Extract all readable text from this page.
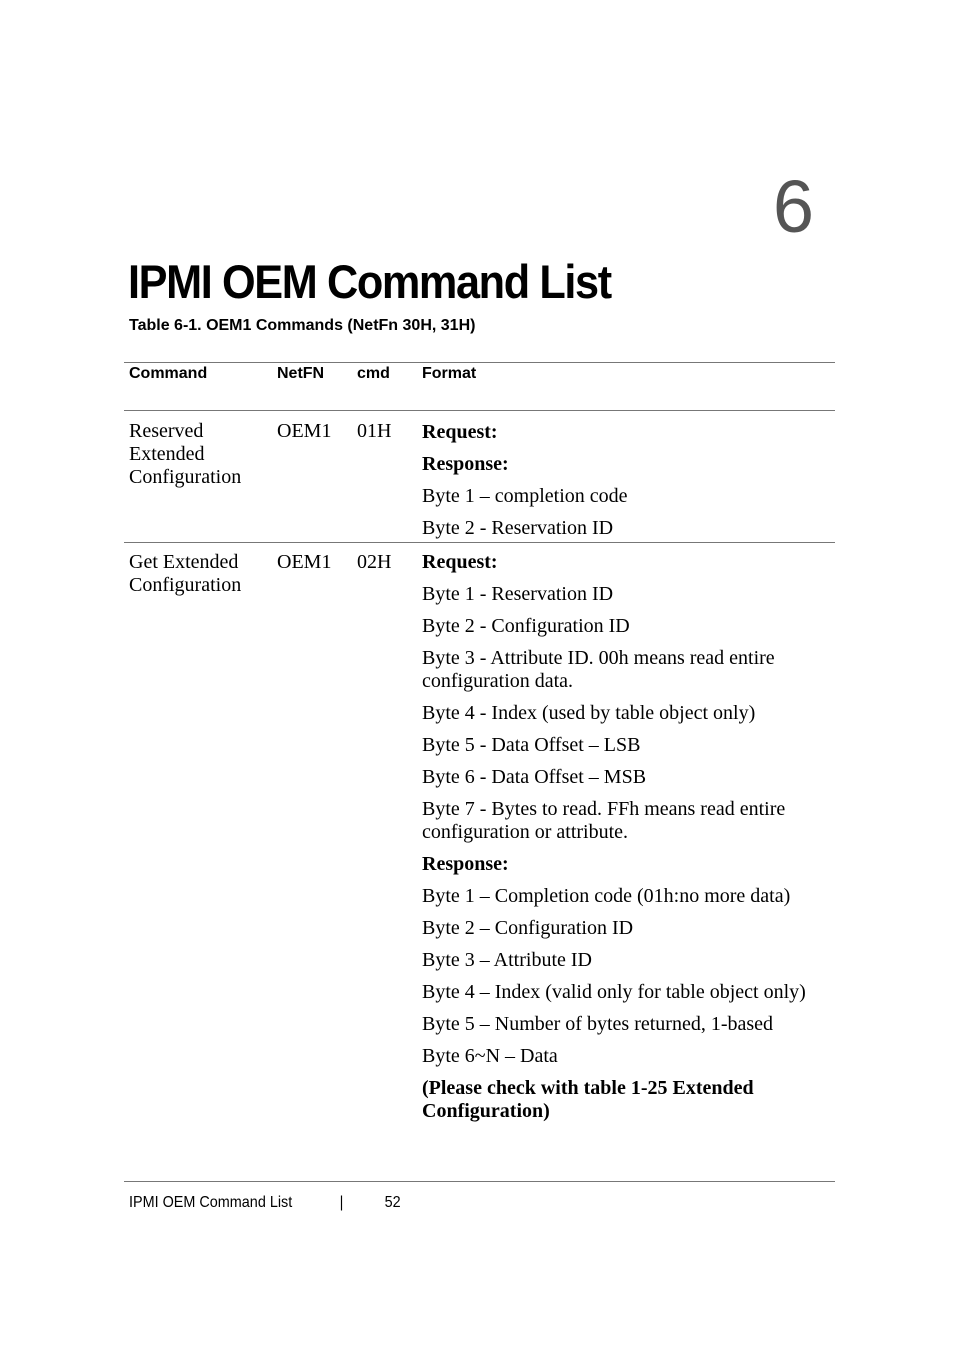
6
IPMI OEM Command List
Table 6-1. OEM1 Commands (NetFn 30H, 31H)
Command	NetFN cmd Format
Reserved
Extended
Configuration
OEM1 01H Request:
Response:
Byte 1 – completion code
Byte 2 - Reservation ID
Get Extended
Configuration
OEM1 02H Request:
Byte 1 - Reservation ID
Byte 2 - Configuration ID
Byte 3 - Attribute ID. 00h means read entire configuration data.
Byte 4 - Index (used by table object only)
Byte 5 - Data Offset – LSB
Byte 6 - Data Offset – MSB
Byte 7 - Bytes to read. FFh means read entire configuration or attribute.
Response:
Byte 1 – Completion code (01h:no more data)
Byte 2 – Configuration ID
Byte 3 – Attribute ID
Byte 4 – Index (valid only for table object only)
Byte 5 – Number of bytes returned, 1-based
Byte 6~N – Data
(Please check with table 1-25 Extended Configuration)
IPMI OEM Command List	|	52
